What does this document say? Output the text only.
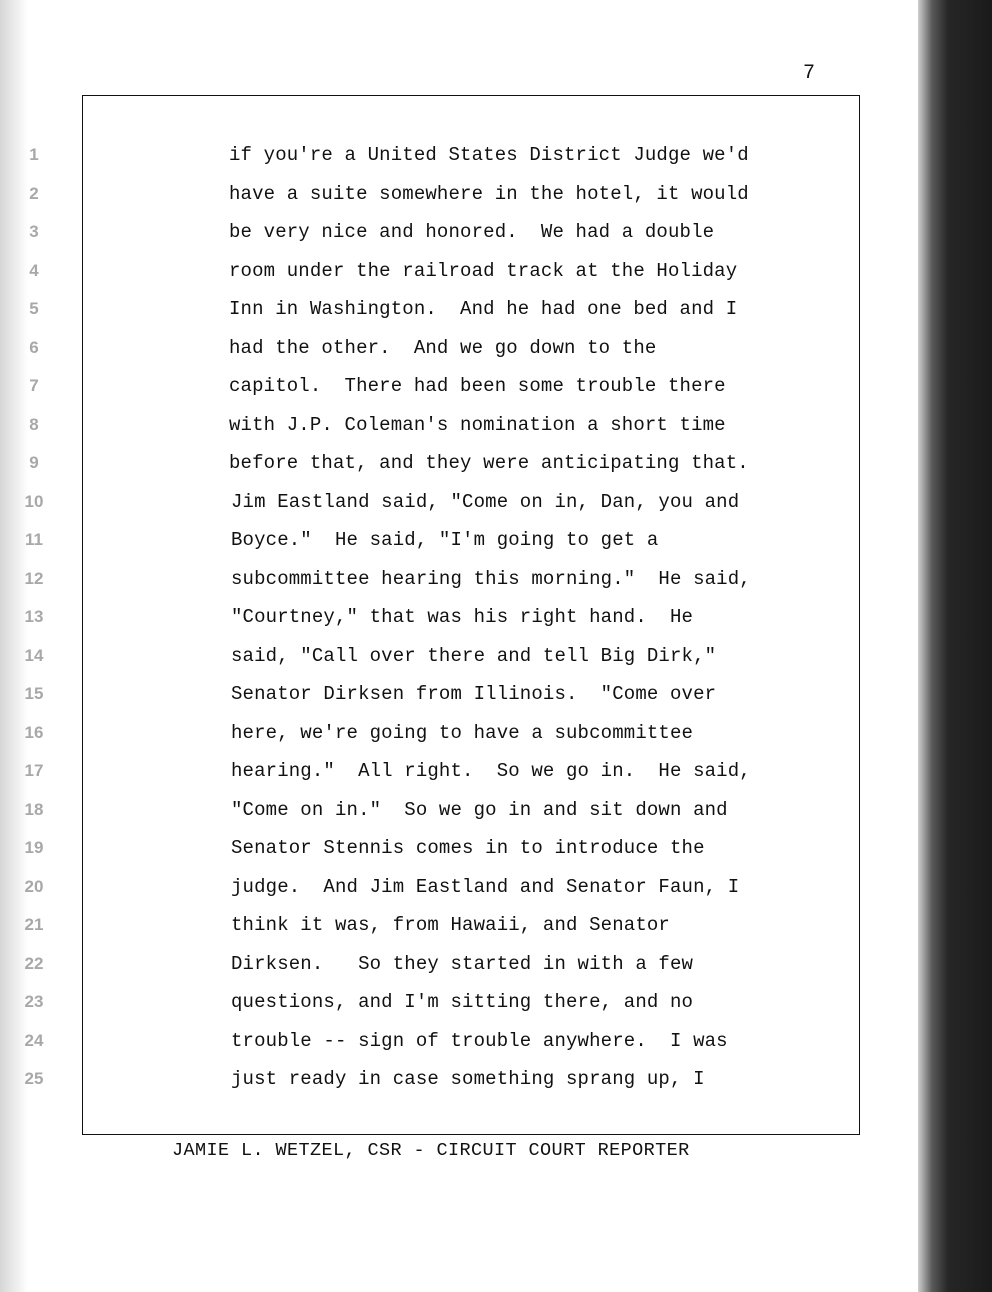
7
1	if you're a United States District Judge we'd
2	have a suite somewhere in the hotel, it would
3	be very nice and honored.  We had a double
4	room under the railroad track at the Holiday
5	Inn in Washington.  And he had one bed and I
6	had the other.  And we go down to the
7	capitol.  There had been some trouble there
8	with J.P. Coleman's nomination a short time
9	before that, and they were anticipating that.
10	Jim Eastland said, "Come on in, Dan, you and
11	Boyce."  He said, "I'm going to get a
12	subcommittee hearing this morning."  He said,
13	"Courtney," that was his right hand.  He
14	said, "Call over there and tell Big Dirk,"
15	Senator Dirksen from Illinois.  "Come over
16	here, we're going to have a subcommittee
17	hearing."  All right.  So we go in.  He said,
18	"Come on in."  So we go in and sit down and
19	Senator Stennis comes in to introduce the
20	judge.  And Jim Eastland and Senator Faun, I
21	think it was, from Hawaii, and Senator
22	Dirksen.   So they started in with a few
23	questions, and I'm sitting there, and no
24	trouble -- sign of trouble anywhere.  I was
25	just ready in case something sprang up, I
JAMIE L. WETZEL, CSR - CIRCUIT COURT REPORTER
